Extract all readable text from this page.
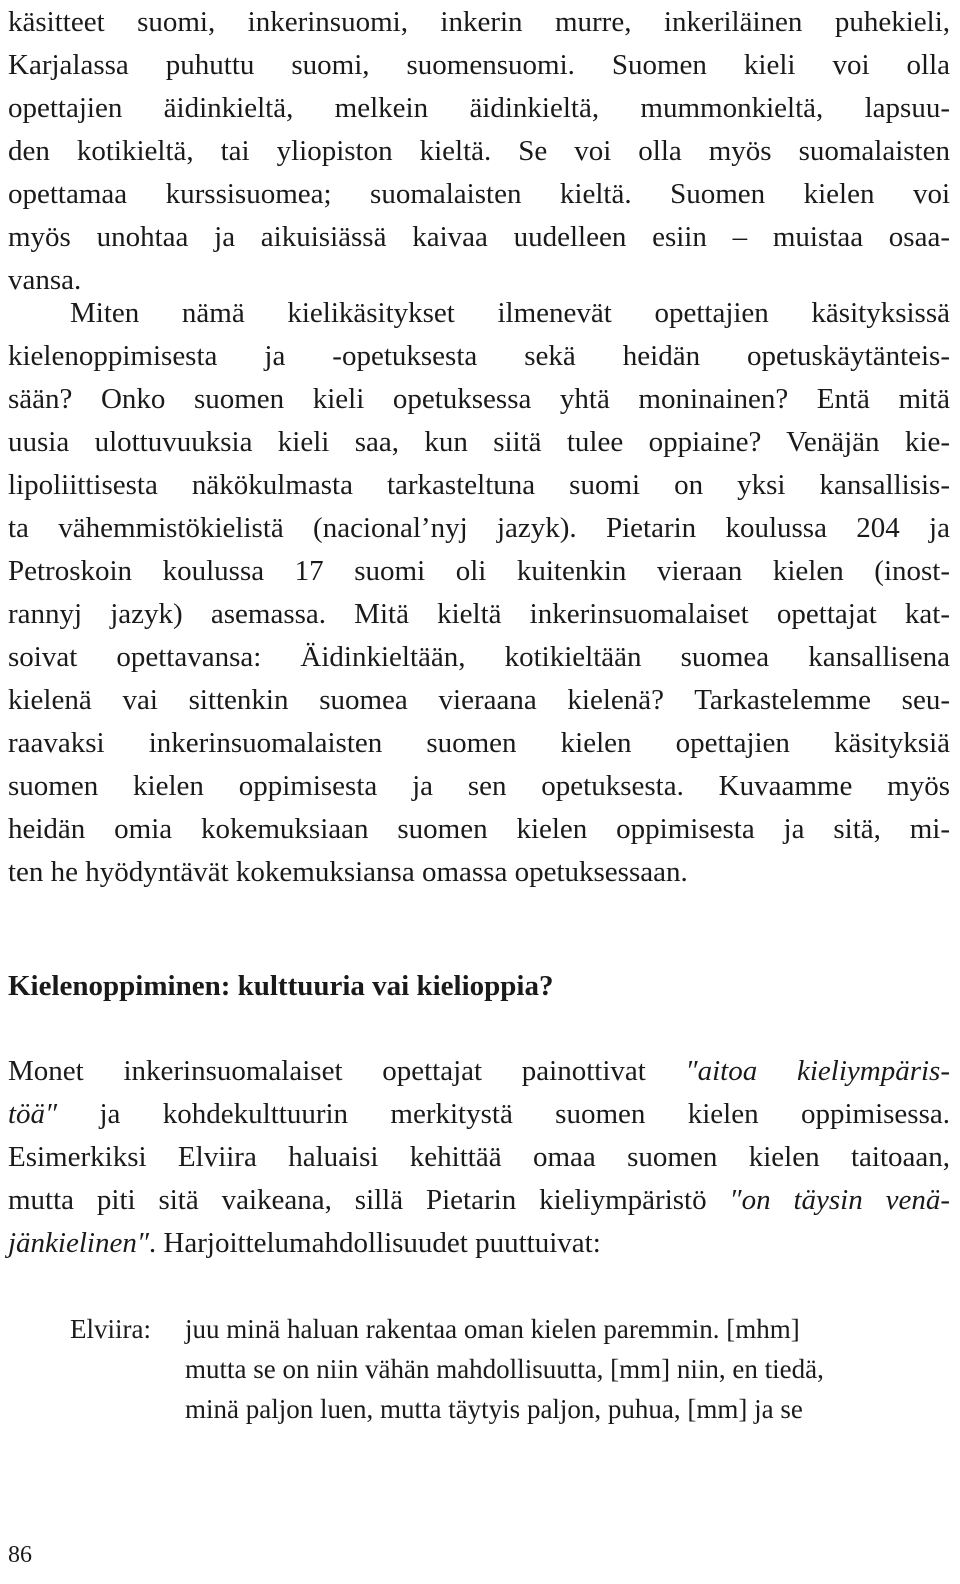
käsitteet suomi, inkerinsuomi, inkerin murre, inkeriläinen puhekieli,
Karjalassa puhuttu suomi, suomensuomi. Suomen kieli voi olla
opettajien äidinkieltä, melkein äidinkieltä, mummonkieltä, lapsuu-
den kotikieltä, tai yliopiston kieltä. Se voi olla myös suomalaisten
opettamaa kurssisuomea; suomalaisten kieltä. Suomen kielen voi
myös unohtaa ja aikuisiässä kaivaa uudelleen esiin – muistaa osaa-
vansa.
Miten nämä kielikäsitykset ilmenevät opettajien käsityksissä
kielenoppimisesta ja -opetuksesta sekä heidän opetuskäytänteis-
sään? Onko suomen kieli opetuksessa yhtä moninainen? Entä mitä
uusia ulottuvuuksia kieli saa, kun siitä tulee oppiaine? Venäjän kie-
lipoliittisesta näkökulmasta tarkasteltuna suomi on yksi kansallisis-
ta vähemmistökielistä (nacional’nyj jazyk). Pietarin koulussa 204 ja
Petroskoin koulussa 17 suomi oli kuitenkin vieraan kielen (inost-
rannyj jazyk) asemassa. Mitä kieltä inkerinsuomalaiset opettajat kat-
soivat opettavansa: Äidinkieltään, kotikieltään suomea kansallisena
kielenä vai sittenkin suomea vieraana kielenä? Tarkastelemme seu-
raavaksi inkerinsuomalaisten suomen kielen opettajien käsityksiä
suomen kielen oppimisesta ja sen opetuksesta. Kuvaamme myös
heidän omia kokemuksiaan suomen kielen oppimisesta ja sitä, mi-
ten he hyödyntävät kokemuksiansa omassa opetuksessaan.
Kielenoppiminen: kulttuuria vai kielioppia?
Monet inkerinsuomalaiset opettajat painottivat ″aitoa kieliympäris-
töä″ ja kohdekulttuurin merkitystä suomen kielen oppimisessa.
Esimerkiksi Elviira haluaisi kehittää omaa suomen kielen taitoaan,
mutta piti sitä vaikeana, sillä Pietarin kieliympäristö ″on täysin venä-
jänkielinen″. Harjoittelumahdollisuudet puuttuivat:
Elviira:	juu minä haluan rakentaa oman kielen paremmin. [mhm]
mutta se on niin vähän mahdollisuutta, [mm] niin, en tiedä,
minä paljon luen, mutta täytyis paljon, puhua, [mm] ja se
86
